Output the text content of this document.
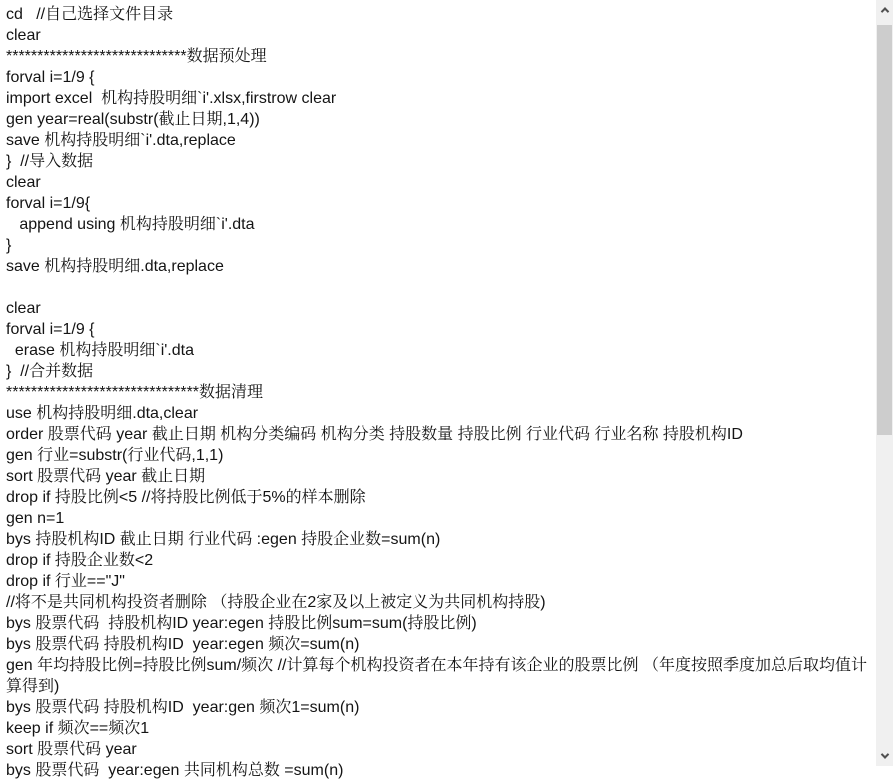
cd   //自己选择文件目录
clear
*****************************数据预处理
forval i=1/9 {
import excel  机构持股明细`i'.xlsx,firstrow clear
gen year=real(substr(截止日期,1,4))
save 机构持股明细`i'.dta,replace
}  //导入数据
clear
forval i=1/9{
append using 机构持股明细`i'.dta
}
save 机构持股明细.dta,replace
clear
forval i=1/9 {
erase 机构持股明细`i'.dta
}  //合并数据
*******************************数据清理
use 机构持股明细.dta,clear
order 股票代码 year 截止日期 机构分类编码 机构分类 持股数量 持股比例 行业代码 行业名称 持股机构ID
gen 行业=substr(行业代码,1,1)
sort 股票代码 year 截止日期
drop if 持股比例<5 //将持股比例低于5%的样本删除
gen n=1
bys 持股机构ID 截止日期 行业代码 :egen 持股企业数=sum(n)
drop if 持股企业数<2
drop if 行业=="J"
//将不是共同机构投资者删除 （持股企业在2家及以上被定义为共同机构持股)
bys 股票代码  持股机构ID year:egen 持股比例sum=sum(持股比例)
bys 股票代码 持股机构ID  year:egen 频次=sum(n)
gen 年均持股比例=持股比例sum/频次 //计算每个机构投资者在本年持有该企业的股票比例 （年度按照季度加总后取均值计算得到)
bys 股票代码 持股机构ID  year:gen 频次1=sum(n)
keep if 频次==频次1
sort 股票代码 year
bys 股票代码  year:egen 共同机构总数 =sum(n)
